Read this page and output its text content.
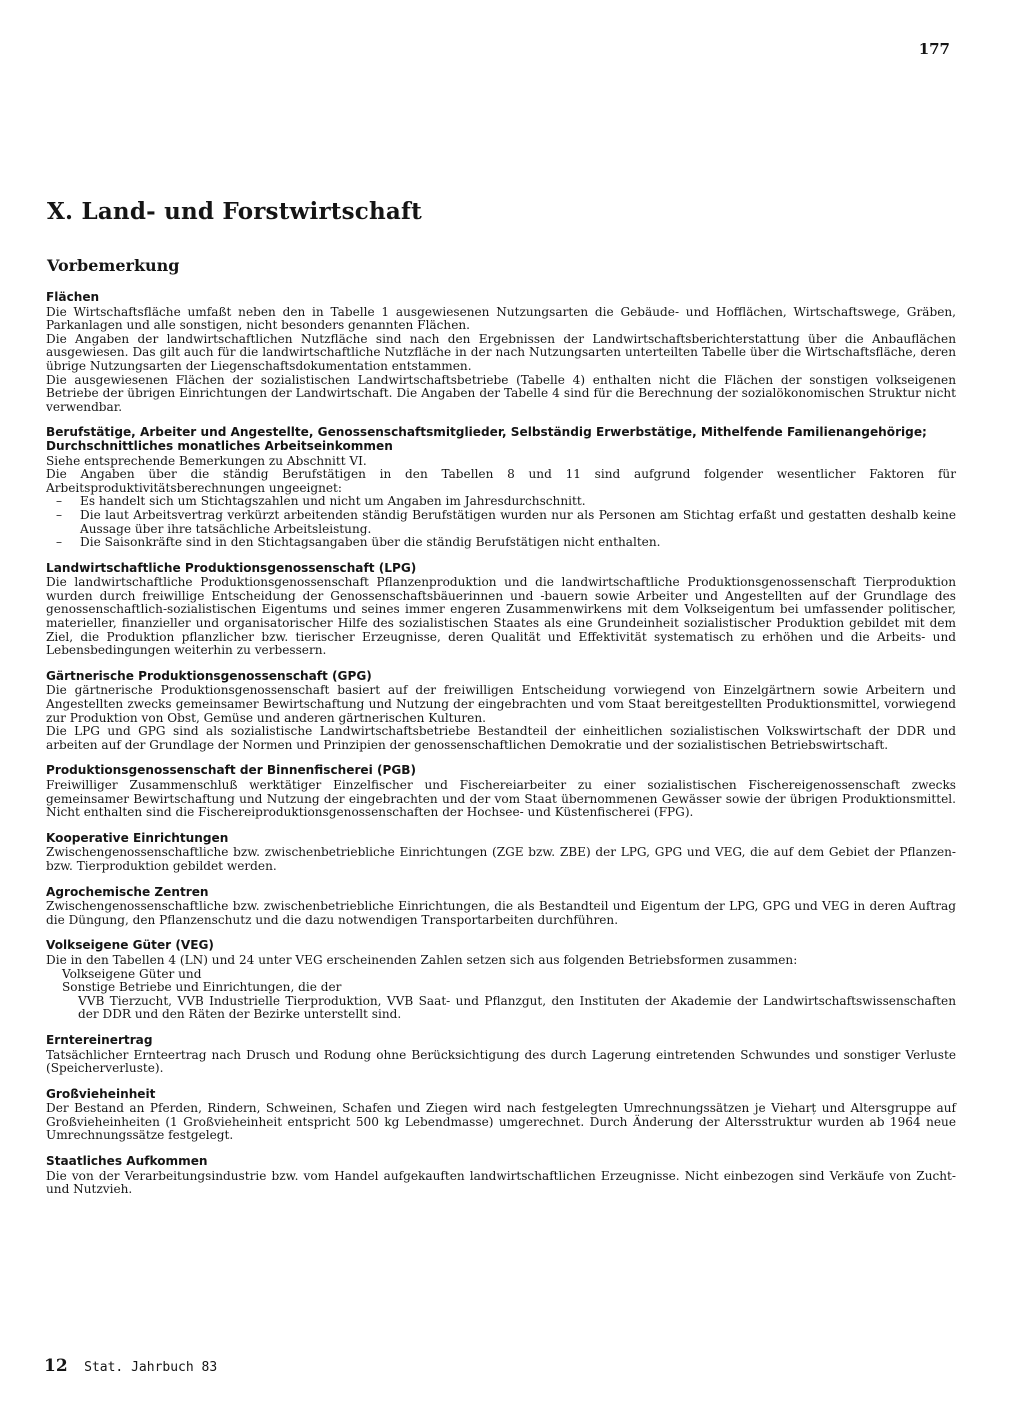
177
X. Land- und Forstwirtschaft
Vorbemerkung
Flächen

Die Wirtschaftsfläche umfaßt neben den in Tabelle 1 ausgewiesenen Nutzungsarten die Gebäude- und Hofflächen, Wirtschaftswege, Gräben, Parkanlagen und alle sonstigen, nicht besonders genannten Flächen.

Die Angaben der landwirtschaftlichen Nutzfläche sind nach den Ergebnissen der Landwirtschaftsberichterstattung über die Anbauflächen ausgewiesen. Das gilt auch für die landwirtschaftliche Nutzfläche in der nach Nutzungsarten unterteilten Tabelle über die Wirtschaftsfläche, deren übrige Nutzungsarten der Liegenschaftsdokumentation entstammen.

Die ausgewiesenen Flächen der sozialistischen Landwirtschaftsbetriebe (Tabelle 4) enthalten nicht die Flächen der sonstigen volkseigenen Betriebe der übrigen Einrichtungen der Landwirtschaft. Die Angaben der Tabelle 4 sind für die Berechnung der sozialökonomischen Struktur nicht verwendbar.

Berufstätige, Arbeiter und Angestellte, Genossenschaftsmitglieder, Selbständig Erwerbstätige, Mithelfende Familienangehörige; Durchschnittliches monatliches Arbeitseinkommen

Siehe entsprechende Bemerkungen zu Abschnitt VI.

Die Angaben über die ständig Berufstätigen in den Tabellen 8 und 11 sind aufgrund folgender wesentlicher Faktoren für Arbeitsproduktivitätsberechnungen ungeeignet:

– Es handelt sich um Stichtagszahlen und nicht um Angaben im Jahresdurchschnitt.
– Die laut Arbeitsvertrag verkürzt arbeitenden ständig Berufstätigen wurden nur als Personen am Stichtag erfaßt und gestatten deshalb keine Aussage über ihre tatsächliche Arbeitsleistung.
– Die Saisonkräfte sind in den Stichtagsangaben über die ständig Berufstätigen nicht enthalten.
Landwirtschaftliche Produktionsgenossenschaft (LPG)

Die landwirtschaftliche Produktionsgenossenschaft Pflanzenproduktion und die landwirtschaftliche Produktionsgenossenschaft Tierproduktion wurden durch freiwillige Entscheidung der Genossenschaftsbäuerinnen und -bauern sowie Arbeiter und Angestellten auf der Grundlage des genossenschaftlich-sozialistischen Eigentums und seines immer engeren Zusammenwirkens mit dem Volkseigentum bei umfassender politischer, materieller, finanzieller und organisatorischer Hilfe des sozialistischen Staates als eine Grundeinheit sozialistischer Produktion gebildet mit dem Ziel, die Produktion pflanzlicher bzw. tierischer Erzeugnisse, deren Qualität und Effektivität systematisch zu erhöhen und die Arbeits- und Lebensbedingungen weiterhin zu verbessern.

Gärtnerische Produktionsgenossenschaft (GPG)

Die gärtnerische Produktionsgenossenschaft basiert auf der freiwilligen Entscheidung vorwiegend von Einzelgärtnern sowie Arbeitern und Angestellten zwecks gemeinsamer Bewirtschaftung und Nutzung der eingebrachten und vom Staat bereitgestellten Produktionsmittel, vorwiegend zur Produktion von Obst, Gemüse und anderen gärtnerischen Kulturen.

Die LPG und GPG sind als sozialistische Landwirtschaftsbetriebe Bestandteil der einheitlichen sozialistischen Volkswirtschaft der DDR und arbeiten auf der Grundlage der Normen und Prinzipien der genossenschaftlichen Demokratie und der sozialistischen Betriebswirtschaft.

Produktionsgenossenschaft der Binnenfischerei (PGB)

Freiwilliger Zusammenschluß werktätiger Einzelfischer und Fischereiarbeiter zu einer sozialistischen Fischereigenossenschaft zwecks gemeinsamer Bewirtschaftung und Nutzung der eingebrachten und der vom Staat übernommenen Gewässer sowie der übrigen Produktionsmittel. Nicht enthalten sind die Fischereiproduktionsgenossenschaften der Hochsee- und Küstenfischerei (FPG).

Kooperative Einrichtungen

Zwischengenossenschaftliche bzw. zwischenbetriebliche Einrichtungen (ZGE bzw. ZBE) der LPG, GPG und VEG, die auf dem Gebiet der Pflanzen- bzw. Tierproduktion gebildet werden.

Agrochemische Zentren

Zwischengenossenschaftliche bzw. zwischenbetriebliche Einrichtungen, die als Bestandteil und Eigentum der LPG, GPG und VEG in deren Auftrag die Düngung, den Pflanzenschutz und die dazu notwendigen Transportarbeiten durchführen.

Volkseigene Güter (VEG)

Die in den Tabellen 4 (LN) und 24 unter VEG erscheinenden Zahlen setzen sich aus folgenden Betriebsformen zusammen:

Volkseigene Güter und

Sonstige Betriebe und Einrichtungen, die der

VVB Tierzucht, VVB Industrielle Tierproduktion, VVB Saat- und Pflanzgut, den Instituten der Akademie der Landwirtschaftswissenschaften der DDR und den Räten der Bezirke unterstellt sind.

Erntereinertrag

Tatsächlicher Ernteertrag nach Drusch und Rodung ohne Berücksichtigung des durch Lagerung eintretenden Schwundes und sonstiger Verluste (Speicherverluste).

Großvieheinheit

Der Bestand an Pferden, Rindern, Schweinen, Schafen und Ziegen wird nach festgelegten Umrechnungssätzen je Vieharț und Altersgruppe auf Großvieheinheiten (1 Großvieheinheit entspricht 500 kg Lebendmasse) umgerechnet. Durch Änderung der Altersstruktur wurden ab 1964 neue Umrechnungssätze festgelegt.

Staatliches Aufkommen

Die von der Verarbeitungsindustrie bzw. vom Handel aufgekauften landwirtschaftlichen Erzeugnisse. Nicht einbezogen sind Verkäufe von Zucht- und Nutzvieh.

12 Stat. Jahrbuch 83
